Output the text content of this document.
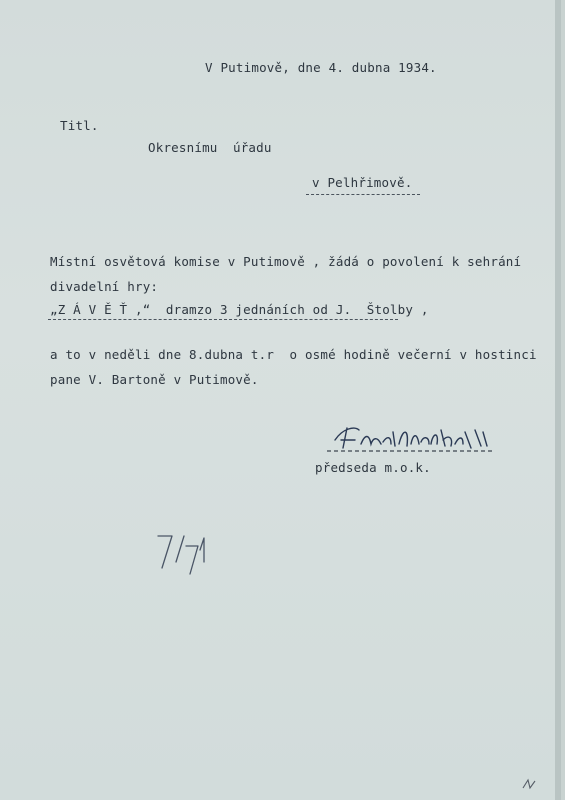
V Putimově, dne 4. dubna 1934.
Titl.
Okresnímu  úřadu
v Pelhřimově.
Místní osvětová komise v Putimově , žádá o povolení k sehrání
divadelní hry:
„Z Á V Ě Ť ,“  dramzo 3 jednáních od J.  Štolby ,
a to v neděli dne 8.dubna t.r  o osmé hodině večerní v hostinci
pane V. Bartoně v Putimově.
předseda m.o.k.
